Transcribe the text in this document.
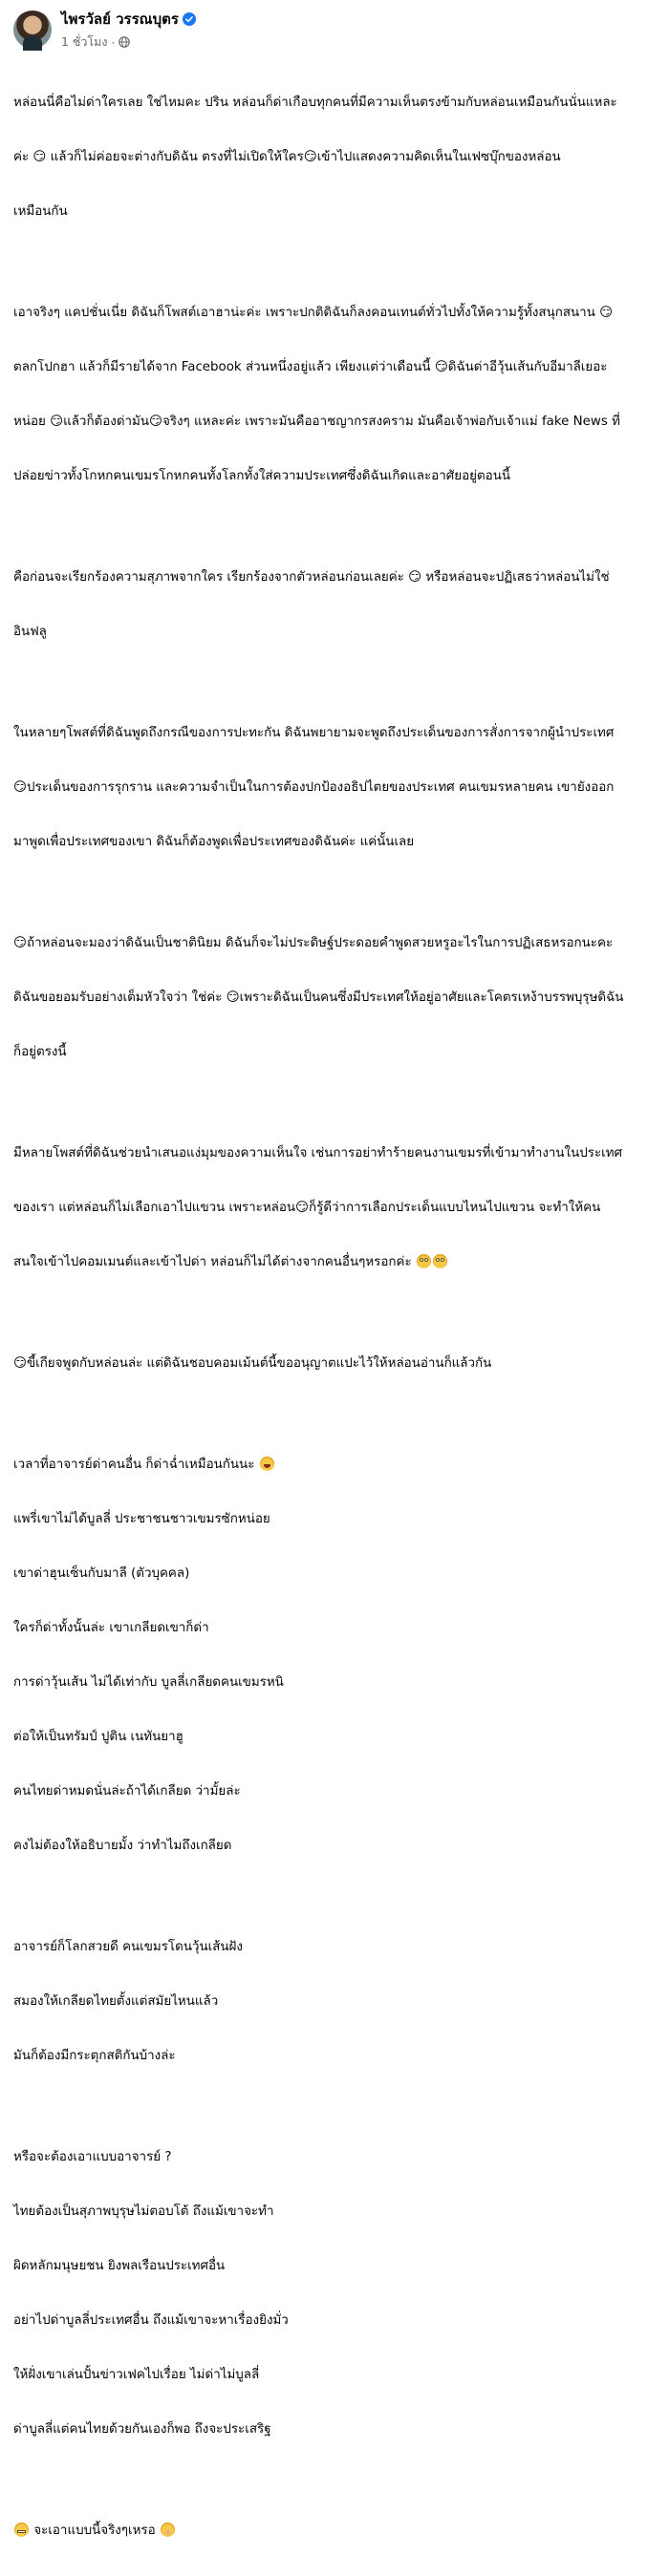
ไพรวัลย์ วรรณบุตร
1 ชั่วโมง ·

หล่อนนี่คือไม่ด่าใครเลย ใช่ไหมคะ ปริน หล่อนก็ด่าเกือบทุกคนที่มีความเห็นตรงข้ามกับหล่อนเหมือนกันนั่นแหละ

ค่ะ 😏 แล้วก็ไม่ค่อยจะต่างกับดิฉัน ตรงที่ไม่เปิดให้ใคร😏เข้าไปแสดงความคิดเห็นในเฟซบุ๊กของหล่อน

เหมือนกัน

เอาจริงๆ แคปชั่นเนี่ย ดิฉันก็โพสต์เอาฮาน่ะค่ะ เพราะปกติดิฉันก็ลงคอนเทนต์ทั่วไปทั้งให้ความรู้ทั้งสนุกสนาน 😏

ตลกโปกฮา แล้วก็มีรายได้จาก Facebook ส่วนหนึ่งอยู่แล้ว เพียงแต่ว่าเดือนนี้ 😏ดิฉันด่าอีวุ้นเส้นกับอีมาลีเยอะ

หน่อย 😏แล้วก็ต้องด่ามัน😏จริงๆ แหละค่ะ เพราะมันคืออาชญากรสงคราม มันคือเจ้าพ่อกับเจ้าแม่ fake News ที่

ปล่อยข่าวทั้งโกหกคนเขมรโกหกคนทั้งโลกทั้งใส่ความประเทศซึ่งดิฉันเกิดและอาศัยอยู่ตอนนี้

คือก่อนจะเรียกร้องความสุภาพจากใคร เรียกร้องจากตัวหล่อนก่อนเลยค่ะ 😏 หรือหล่อนจะปฏิเสธว่าหล่อนไม่ใช่

อินฟลู

ในหลายๆโพสต์ที่ดิฉันพูดถึงกรณีของการปะทะกัน ดิฉันพยายามจะพูดถึงประเด็นของการสั่งการจากผู้นำประเทศ

😏ประเด็นของการรุกราน และความจำเป็นในการต้องปกป้องอธิปไตยของประเทศ คนเขมรหลายคน เขายังออก

มาพูดเพื่อประเทศของเขา ดิฉันก็ต้องพูดเพื่อประเทศของดิฉันค่ะ แค่นั้นเลย

😏ถ้าหล่อนจะมองว่าดิฉันเป็นชาตินิยม ดิฉันก็จะไม่ประดิษฐ์ประดอยคำพูดสวยหรูอะไรในการปฏิเสธหรอกนะคะ

ดิฉันขอยอมรับอย่างเต็มหัวใจว่า ใช่ค่ะ 😏เพราะดิฉันเป็นคนซึ่งมีประเทศให้อยู่อาศัยและโคตรเหง้าบรรพบุรุษดิฉัน

ก็อยู่ตรงนี้

มีหลายโพสต์ที่ดิฉันช่วยนำเสนอแง่มุมของความเห็นใจ เช่นการอย่าทำร้ายคนงานเขมรที่เข้ามาทำงานในประเทศ

ของเรา แต่หล่อนก็ไม่เลือกเอาไปแขวน เพราะหล่อน😏ก็รู้ดีว่าการเลือกประเด็นแบบไหนไปแขวน จะทำให้คน

สนใจเข้าไปคอมเมนต์และเข้าไปด่า หล่อนก็ไม่ได้ต่างจากคนอื่นๆหรอกค่ะ

😏ขี้เกียจพูดกับหล่อนล่ะ แต่ดิฉันชอบคอมเม้นต์นี้ขออนุญาตแปะไว้ให้หล่อนอ่านก็แล้วกัน

เวลาที่อาจารย์ด่าคนอื่น ก็ด่าฉ่ำเหมือนกันนะ

แพรี่เขาไม่ได้บูลลี่ ประชาชนชาวเขมรซักหน่อย

เขาด่าฮุนเซ็นกับมาลี (ตัวบุคคล)

ใครก็ด่าทั้งนั้นล่ะ เขาเกลียดเขาก็ด่า

การด่าวุ้นเส้น ไม่ได้เท่ากับ บูลลี่เกลียดคนเขมรหนิ

ต่อให้เป็นทรัมป์ ปูติน เนทันยาฮู

คนไทยด่าหมดนั่นล่ะถ้าได้เกลียด ว่ามั้ยล่ะ

คงไม่ต้องให้อธิบายมั้ง ว่าทำไมถึงเกลียด

อาจารย์ก็โลกสวยดี คนเขมรโดนวุ้นเส้นฝัง

สมองให้เกลียดไทยตั้งแต่สมัยไหนแล้ว

มันก็ต้องมีกระตุกสติกันบ้างล่ะ

หรือจะต้องเอาแบบอาจารย์ ?

ไทยต้องเป็นสุภาพบุรุษไม่ตอบโต้ ถึงแม้เขาจะทำ

ผิดหลักมนุษยชน ยิงพลเรือนประเทศอื่น

อย่าไปด่าบูลลี่ประเทศอื่น ถึงแม้เขาจะหาเรื่องยิงมั่ว

ให้ฝั่งเขาเล่นปั้นข่าวเฟคไปเรื่อย ไม่ด่าไม่บูลลี่

ด่าบูลลี่แต่คนไทยด้วยกันเองก็พอ ถึงจะประเสริฐ

จะเอาแบบนี้จริงๆเหรอ
